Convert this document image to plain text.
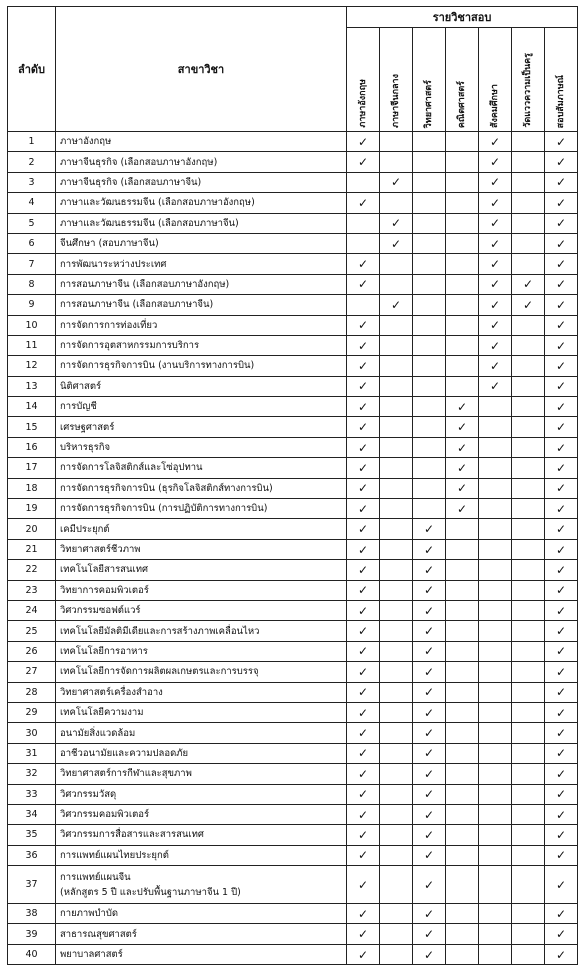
ลำดับ	สาขาวิชา	รายวิชาสอบ						
		ภาษาอังกฤษ	ภาษาจีนกลาง	วิทยาศาสตร์	คณิตศาสตร์	สังคมศึกษา	วัดแววความเป็นครู	สอบสัมภาษณ์
1	ภาษาอังกฤษ	✓				✓		✓
2	ภาษาจีนธุรกิจ (เลือกสอบภาษาอังกฤษ)	✓				✓		✓
3	ภาษาจีนธุรกิจ (เลือกสอบภาษาจีน)		✓			✓		✓
4	ภาษาและวัฒนธรรมจีน (เลือกสอบภาษาอังกฤษ)	✓				✓		✓
5	ภาษาและวัฒนธรรมจีน (เลือกสอบภาษาจีน)		✓			✓		✓
6	จีนศึกษา (สอบภาษาจีน)		✓			✓		✓
7	การพัฒนาระหว่างประเทศ	✓				✓		✓
8	การสอนภาษาจีน (เลือกสอบภาษาอังกฤษ)	✓				✓	✓	✓
9	การสอนภาษาจีน (เลือกสอบภาษาจีน)		✓			✓	✓	✓
10	การจัดการการท่องเที่ยว	✓				✓		✓
11	การจัดการอุตสาหกรรมการบริการ	✓				✓		✓
12	การจัดการธุรกิจการบิน (งานบริการทางการบิน)	✓				✓		✓
13	นิติศาสตร์	✓				✓		✓
14	การบัญชี	✓			✓			✓
15	เศรษฐศาสตร์	✓			✓			✓
16	บริหารธุรกิจ	✓			✓			✓
17	การจัดการโลจิสติกส์และโซ่อุปทาน	✓			✓			✓
18	การจัดการธุรกิจการบิน (ธุรกิจโลจิสติกส์ทางการบิน)	✓			✓			✓
19	การจัดการธุรกิจการบิน (การปฏิบัติการทางการบิน)	✓			✓			✓
20	เคมีประยุกต์	✓		✓				✓
21	วิทยาศาสตร์ชีวภาพ	✓		✓				✓
22	เทคโนโลยีสารสนเทศ	✓		✓				✓
23	วิทยาการคอมพิวเตอร์	✓		✓				✓
24	วิศวกรรมซอฟต์แวร์	✓		✓				✓
25	เทคโนโลยีมัลติมีเดียและการสร้างภาพเคลื่อนไหว	✓		✓				✓
26	เทคโนโลยีการอาหาร	✓		✓				✓
27	เทคโนโลยีการจัดการผลิตผลเกษตรและการบรรจุ	✓		✓				✓
28	วิทยาศาสตร์เครื่องสำอาง	✓		✓				✓
29	เทคโนโลยีความงาม	✓		✓				✓
30	อนามัยสิ่งแวดล้อม	✓		✓				✓
31	อาชีวอนามัยและความปลอดภัย	✓		✓				✓
32	วิทยาศาสตร์การกีฬาและสุขภาพ	✓		✓				✓
33	วิศวกรรมวัสดุ	✓		✓				✓
34	วิศวกรรมคอมพิวเตอร์	✓		✓				✓
35	วิศวกรรมการสื่อสารและสารสนเทศ	✓		✓				✓
36	การแพทย์แผนไทยประยุกต์	✓		✓				✓
37	การแพทย์แผนจีน
(หลักสูตร 5 ปี และปรับพื้นฐานภาษาจีน 1 ปี)	✓		✓				✓
38	กายภาพบำบัด	✓		✓				✓
39	สาธารณสุขศาสตร์	✓		✓				✓
40	พยาบาลศาสตร์	✓		✓				✓
